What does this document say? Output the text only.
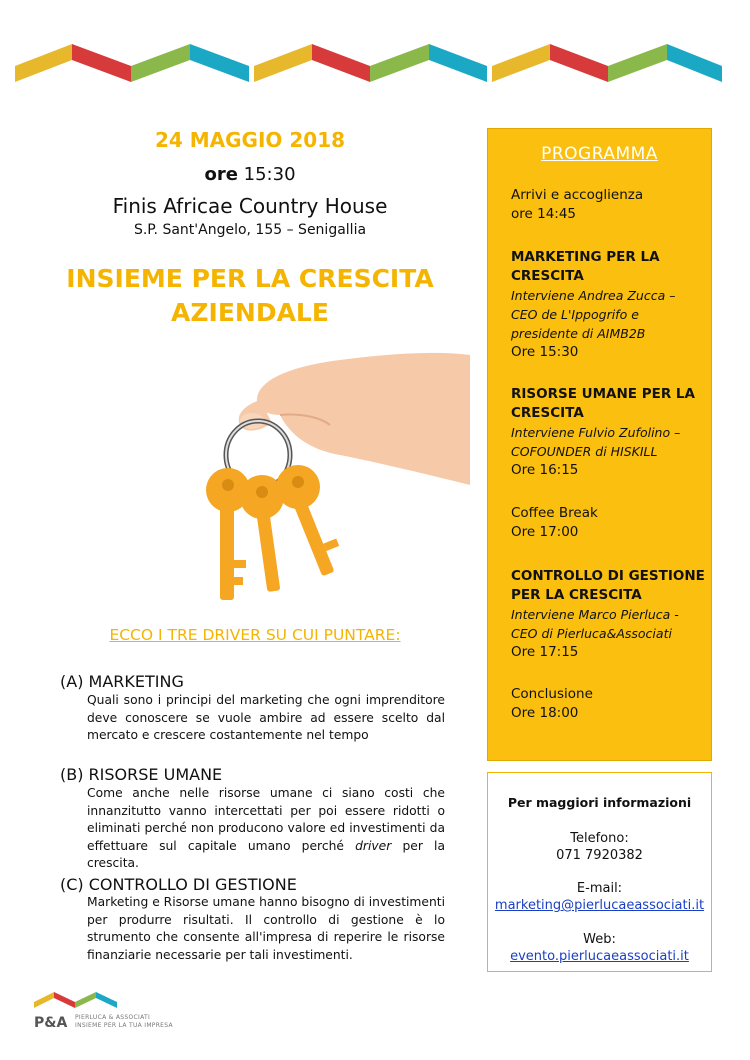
24 MAGGIO 2018
ore 15:30
Finis Africae Country House
S.P. Sant'Angelo, 155 – Senigallia
INSIEME PER LA CRESCITA
AZIENDALE
ECCO I TRE DRIVER SU CUI PUNTARE:
(A) MARKETING
Quali sono i principi del marketing che ogni imprenditore deve conoscere se vuole ambire ad essere scelto dal mercato e crescere costantemente nel tempo
(B) RISORSE UMANE
Come anche nelle risorse umane ci siano costi che innanzitutto vanno intercettati per poi essere ridotti o eliminati perché non producono valore ed investimenti da effettuare sul capitale umano perché driver per la crescita.
(C) CONTROLLO DI GESTIONE
Marketing e Risorse umane hanno bisogno di investimenti per produrre risultati. Il controllo di gestione è lo strumento che consente all'impresa di reperire le risorse finanziarie necessarie per tali investimenti.
PROGRAMMA
Arrivi e accoglienza
ore 14:45
MARKETING PER LA
CRESCITA
Interviene Andrea Zucca –
CEO de L'Ippogrifo e
presidente di AIMB2B
Ore 15:30
RISORSE UMANE PER LA
CRESCITA
Interviene Fulvio Zufolino –
COFOUNDER di HISKILL
Ore 16:15
Coffee Break
Ore 17:00
CONTROLLO DI GESTIONE
PER LA CRESCITA
Interviene Marco Pierluca -
CEO di Pierluca&Associati
Ore 17:15
Conclusione
Ore 18:00
Per maggiori informazioni
Telefono:
071 7920382
E-mail:
marketing@pierlucaeassociati.it
Web:
evento.pierlucaeassociati.it
P&A PIERLUCA & ASSOCIATI
INSIEME PER LA TUA IMPRESA
